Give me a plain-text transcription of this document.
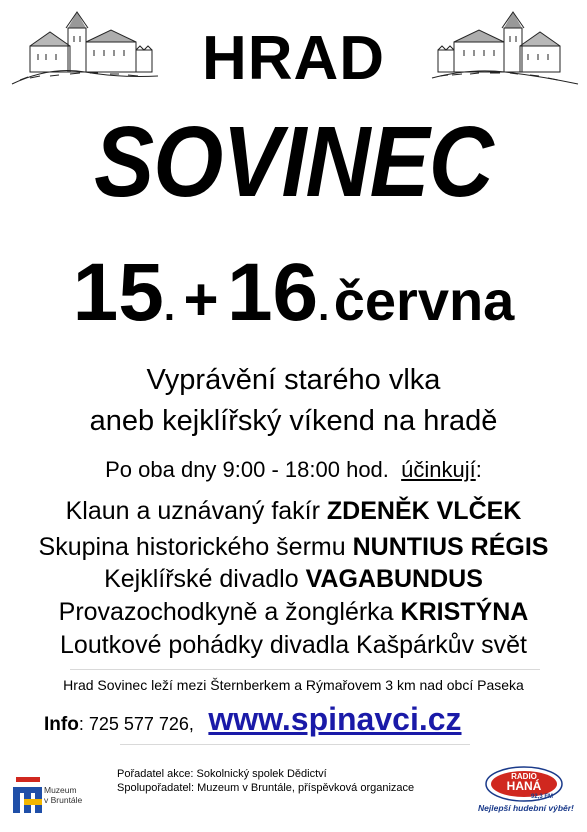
HRAD
SOVINEC
15. + 16. června
Vyprávění starého vlka
aneb kejklířský víkend na hradě
Po oba dny 9:00 - 18:00 hod. účinkují:
Klaun a uznávaný fakír ZDENĚK VLČEK
Skupina historického šermu NUNTIUS RÉGIS
Kejklířské divadlo VAGABUNDUS
Provazochodkyně a žonglérka KRISTÝNA
Loutkové pohádky divadla Kašpárkův svět
Hrad Sovinec leží mezi Šternberkem a Rýmařovem 3 km nad obcí Paseka
Info: 725 577 726, www.spinavci.cz
Pořadatel akce: Sokolnický spolek Dědictví
Spolupořadatel: Muzeum v Bruntále, příspěvková organizace
Muzeum
v Bruntále
RADIO
HANÁ
92,3 FM
Nejlepší hudební výběr!
